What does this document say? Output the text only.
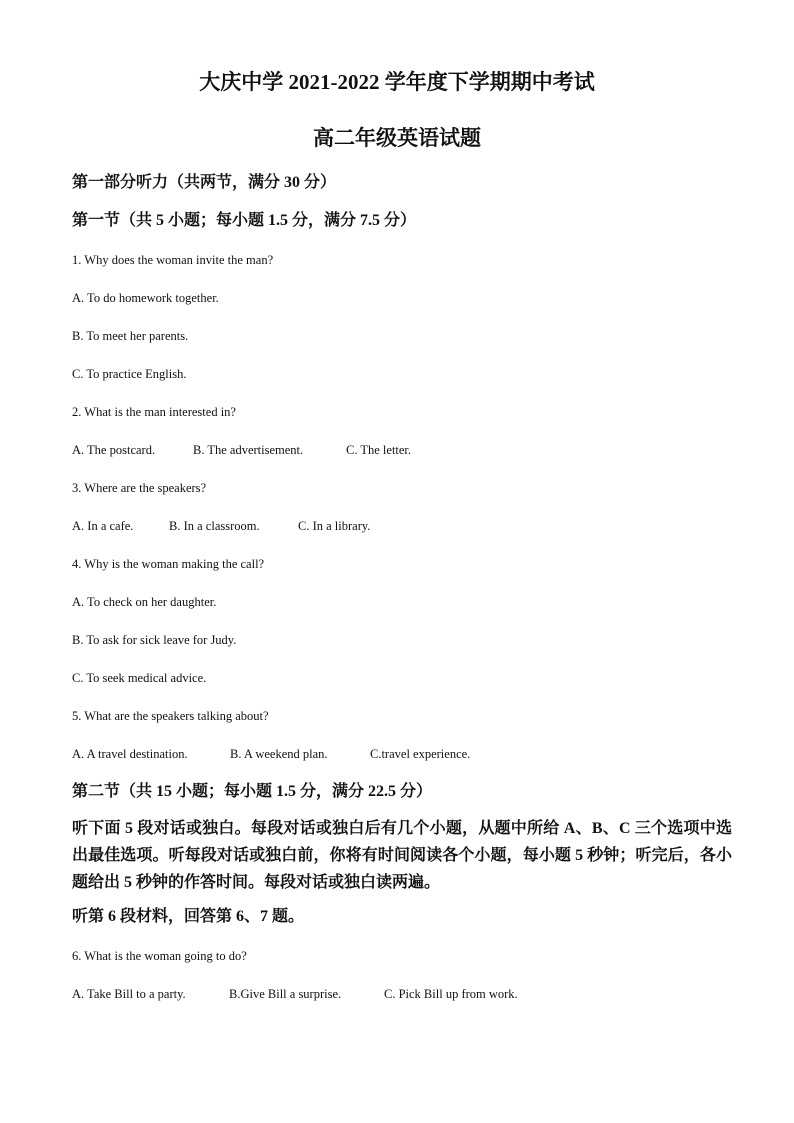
大庆中学 2021-2022 学年度下学期期中考试
高二年级英语试题
第一部分听力（共两节，满分 30 分）
第一节（共 5 小题；每小题 1.5 分，满分 7.5 分）
1. Why does the woman invite the man?
A. To do homework together.
B. To meet her parents.
C. To practice English.
2. What is the man interested in?
A. The postcard.	B. The advertisement.	C. The letter.
3. Where are the speakers?
A. In a cafe.	B. In a classroom.	C. In a library.
4. Why is the woman making the call?
A. To check on her daughter.
B. To ask for sick leave for Judy.
C. To seek medical advice.
5. What are the speakers talking about?
A. A travel destination.	B. A weekend plan.	C.travel experience.
第二节（共 15 小题；每小题 1.5 分，满分 22.5 分）
听下面 5 段对话或独白。每段对话或独白后有几个小题，从题中所给 A、B、C 三个选项中选出最佳选项。听每段对话或独白前，你将有时间阅读各个小题，每小题 5 秒钟；听完后，各小题给出 5 秒钟的作答时间。每段对话或独白读两遍。
听第 6 段材料，回答第 6、7 题。
6. What is the woman going to do?
A. Take Bill to a party.	B.Give Bill a surprise.	C. Pick Bill up from work.
